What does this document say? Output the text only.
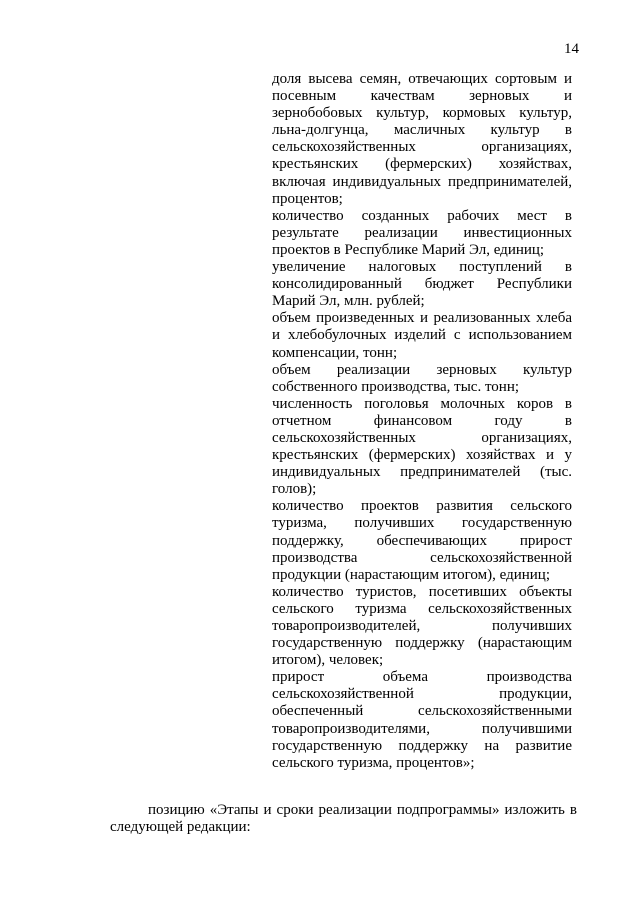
14

доля высева семян, отвечающих сортовым и посевным качествам зерновых и зернобобовых культур, кормовых культур, льна-долгунца, масличных культур в сельскохозяйственных организациях, крестьянских (фермерских) хозяйствах, включая индивидуальных предпринимателей, процентов;

количество созданных рабочих мест в результате реализации инвестиционных проектов в Республике Марий Эл, единиц;

увеличение налоговых поступлений в консолидированный бюджет Республики Марий Эл, млн. рублей;

объем произведенных и реализованных хлеба и хлебобулочных изделий с использованием компенсации, тонн;

объем реализации зерновых культур собственного производства, тыс. тонн;

численность поголовья молочных коров в отчетном финансовом году в сельскохозяйственных организациях, крестьянских (фермерских) хозяйствах и у индивидуальных предпринимателей (тыс. голов);

количество проектов развития сельского туризма, получивших государственную поддержку, обеспечивающих прирост производства сельскохозяйственной продукции (нарастающим итогом), единиц;

количество туристов, посетивших объекты сельского туризма сельскохозяйственных товаропроизводителей, получивших государственную поддержку (нарастающим итогом), человек;

прирост объема производства сельскохозяйственной продукции, обеспеченный сельскохозяйственными товаропроизводителями, получившими государственную поддержку на развитие сельского туризма, процентов»;

позицию «Этапы и сроки реализации подпрограммы» изложить в следующей редакции:
